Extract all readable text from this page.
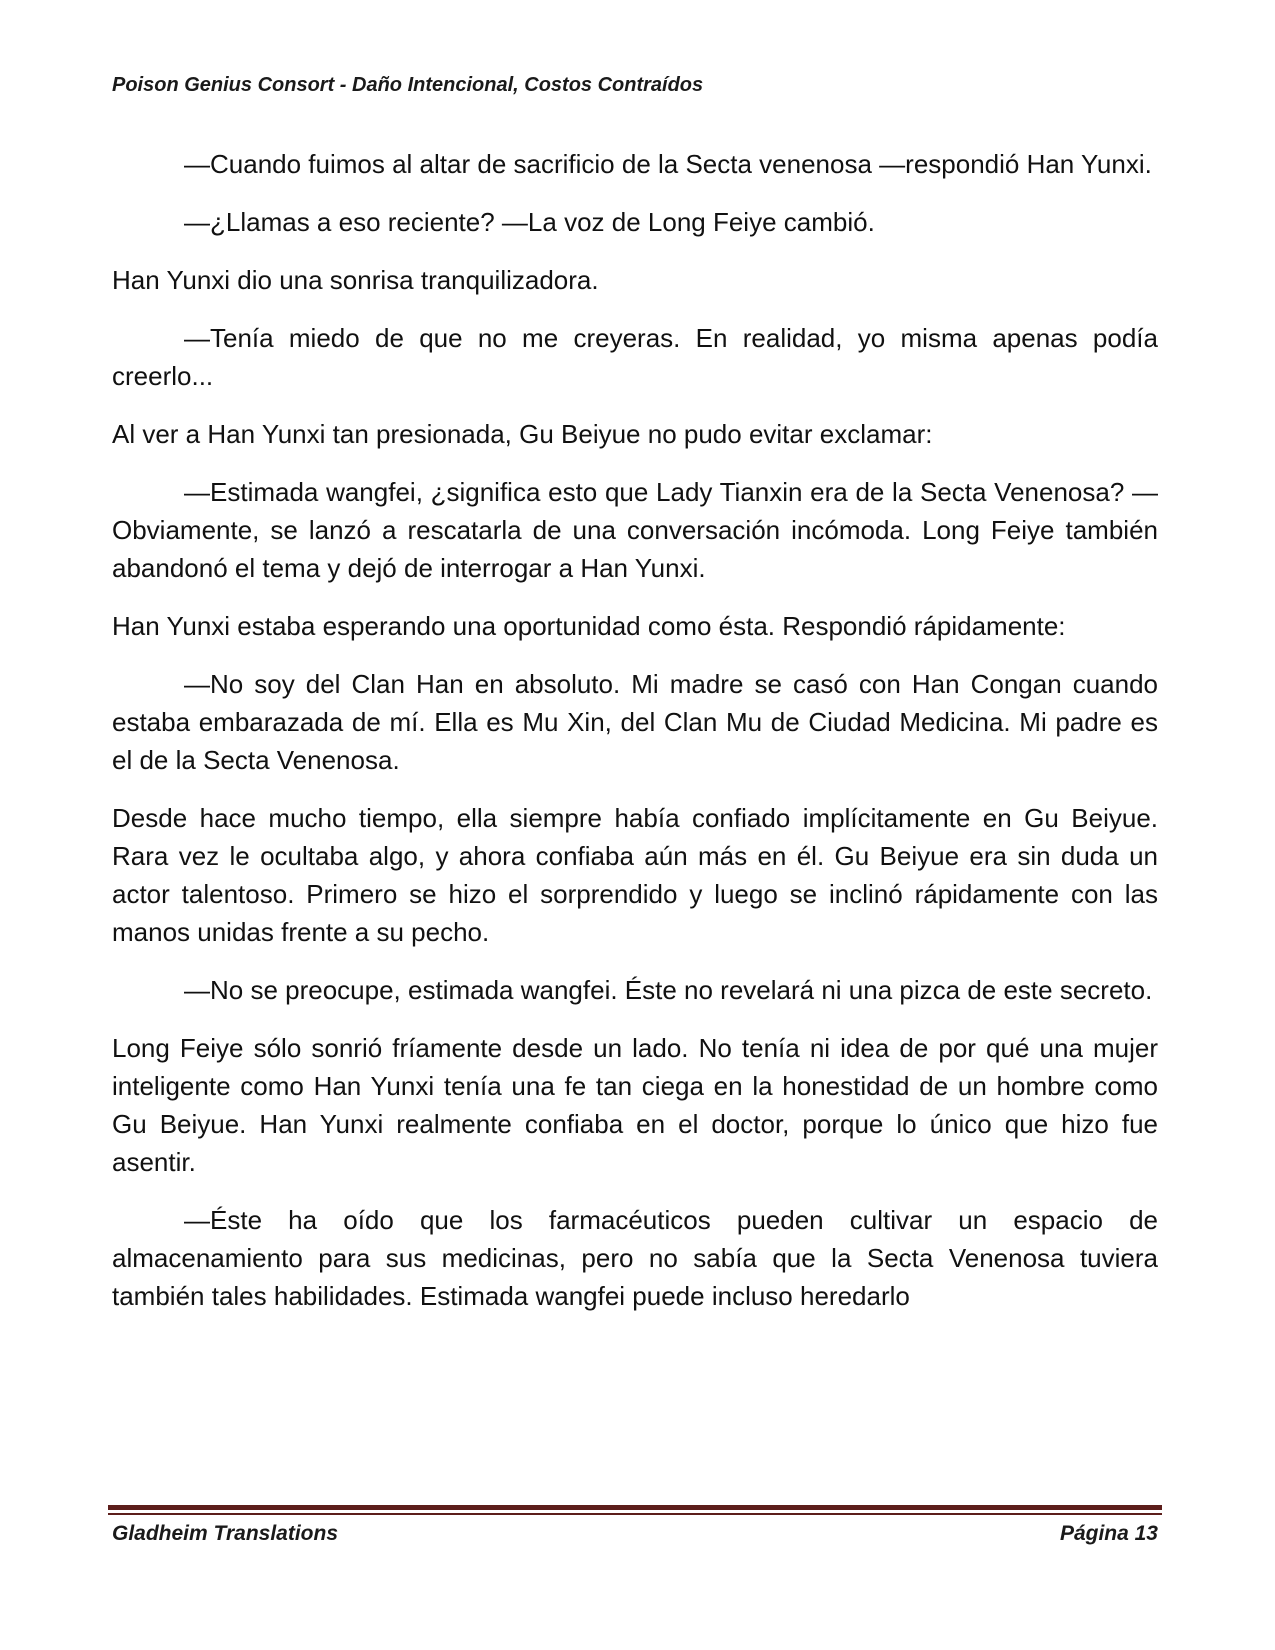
Poison Genius Consort - Daño Intencional, Costos Contraídos

—Cuando fuimos al altar de sacrificio de la Secta venenosa —respondió Han Yunxi.

—¿Llamas a eso reciente? —La voz de Long Feiye cambió.

Han Yunxi dio una sonrisa tranquilizadora.

—Tenía miedo de que no me creyeras. En realidad, yo misma apenas podía creerlo...

Al ver a Han Yunxi tan presionada, Gu Beiyue no pudo evitar exclamar:

—Estimada wangfei, ¿significa esto que Lady Tianxin era de la Secta Venenosa? —Obviamente, se lanzó a rescatarla de una conversación incómoda. Long Feiye también abandonó el tema y dejó de interrogar a Han Yunxi.

Han Yunxi estaba esperando una oportunidad como ésta. Respondió rápidamente:

—No soy del Clan Han en absoluto. Mi madre se casó con Han Congan cuando estaba embarazada de mí. Ella es Mu Xin, del Clan Mu de Ciudad Medicina. Mi padre es el de la Secta Venenosa.

Desde hace mucho tiempo, ella siempre había confiado implícitamente en Gu Beiyue. Rara vez le ocultaba algo, y ahora confiaba aún más en él. Gu Beiyue era sin duda un actor talentoso. Primero se hizo el sorprendido y luego se inclinó rápidamente con las manos unidas frente a su pecho.

—No se preocupe, estimada wangfei. Éste no revelará ni una pizca de este secreto.

Long Feiye sólo sonrió fríamente desde un lado. No tenía ni idea de por qué una mujer inteligente como Han Yunxi tenía una fe tan ciega en la honestidad de un hombre como Gu Beiyue. Han Yunxi realmente confiaba en el doctor, porque lo único que hizo fue asentir.

—Éste ha oído que los farmacéuticos pueden cultivar un espacio de almacenamiento para sus medicinas, pero no sabía que la Secta Venenosa tuviera también tales habilidades. Estimada wangfei puede incluso heredarlo

Gladheim Translations	Página 13
